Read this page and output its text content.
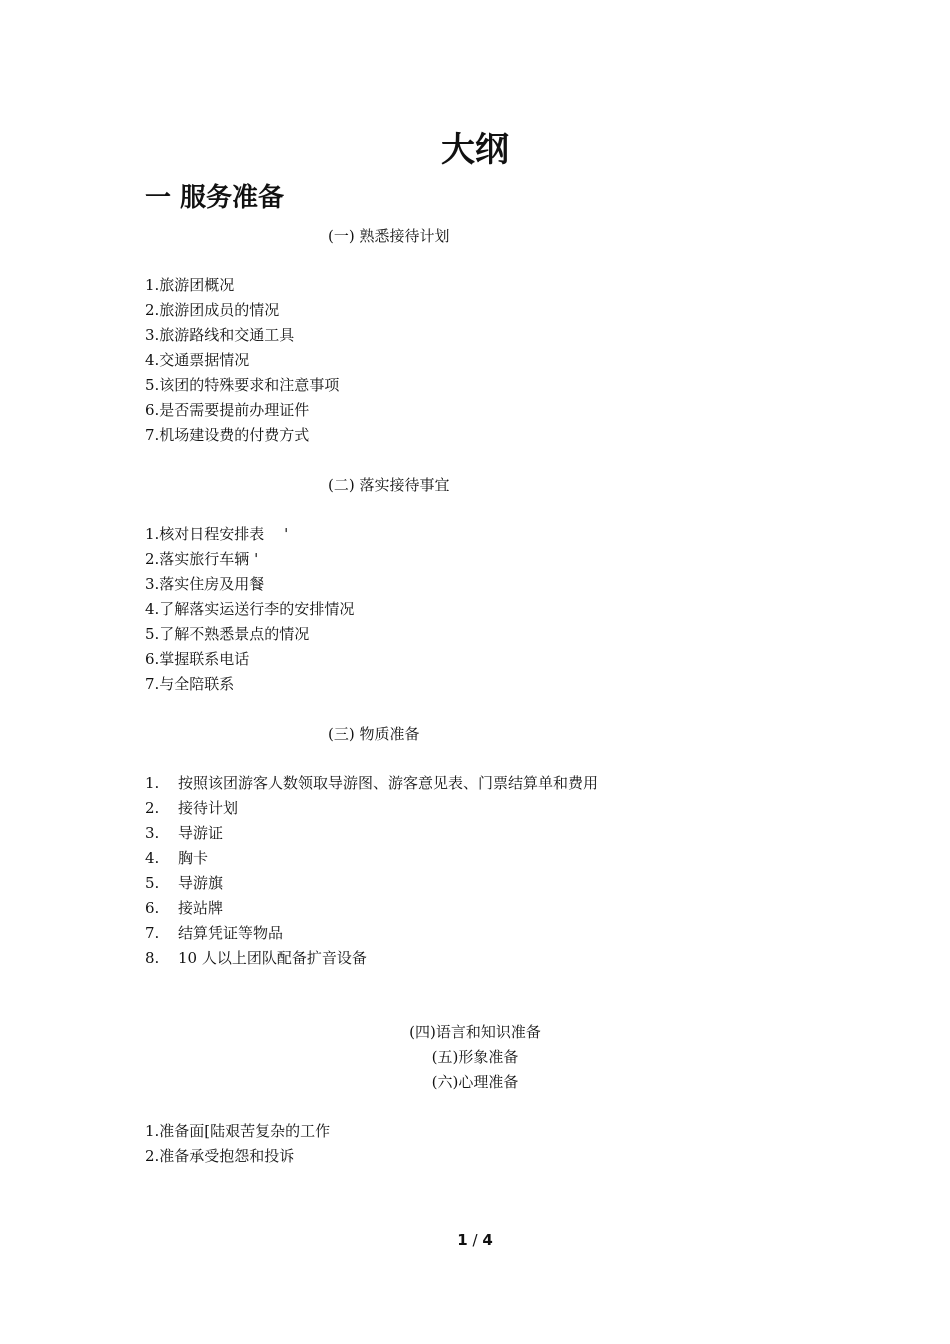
大纲
一 服务准备
(一) 熟悉接待计划
1.旅游团概况
2.旅游团成员的情况
3.旅游路线和交通工具
4.交通票据情况
5.该团的特殊要求和注意事项
6.是否需要提前办理证件
7.机场建设费的付费方式
(二) 落实接待事宜
1.核对日程安排表　 '
2.落实旅行车辆 '
3.落实住房及用餐
4.了解落实运送行李的安排情况
5.了解不熟悉景点的情况
6.掌握联系电话
7.与全陪联系
(三) 物质准备
1. 按照该团游客人数领取导游图、游客意见表、门票结算单和费用
2. 接待计划
3. 导游证
4. 胸卡
5. 导游旗
6. 接站牌
7. 结算凭证等物品
8. 10 人以上团队配备扩音设备
(四)语言和知识准备
(五)形象准备
(六)心理准备
1.准备面[陆艰苦复杂的工作
2.准备承受抱怨和投诉
1 / 4
